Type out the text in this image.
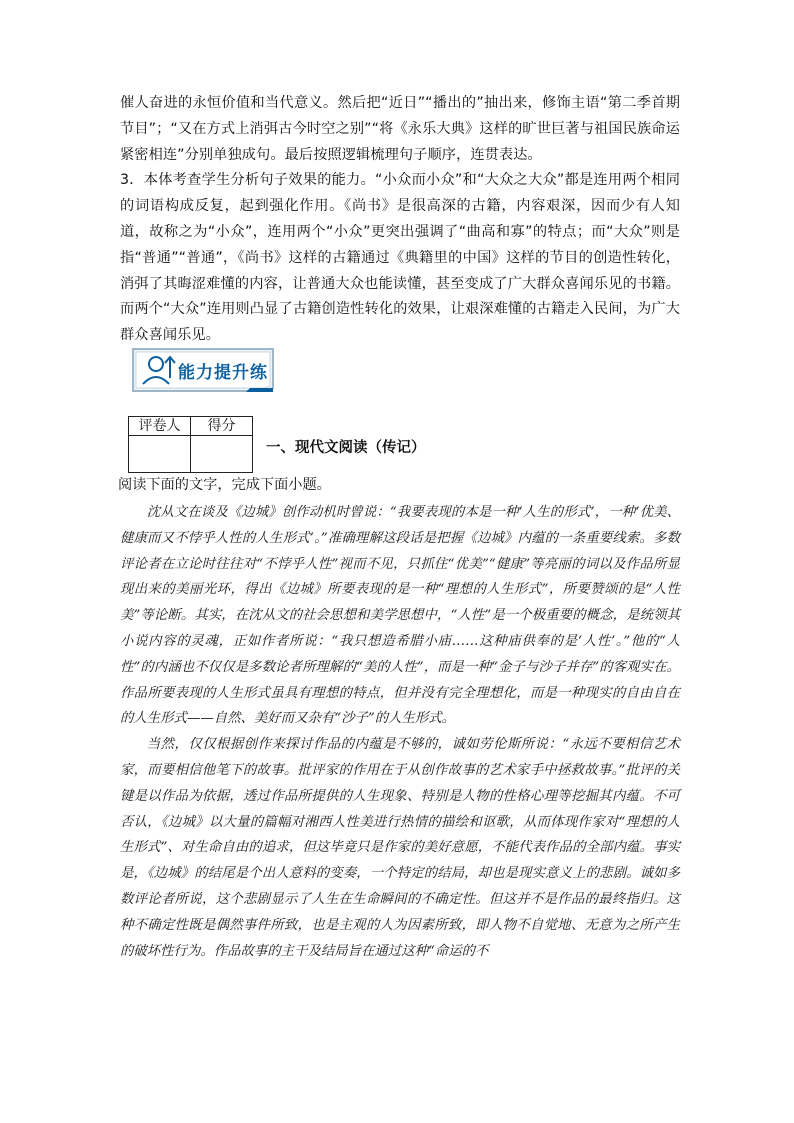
催人奋进的永恒价值和当代意义。然后把“近日”“播出的”抽出来，修饰主语“第二季首期节目”；“又在方式上消弭古今时空之别”“将《永乐大典》这样的旷世巨著与祖国民族命运紧密相连”分别单独成句。最后按照逻辑梳理句子顺序，连贯表达。

3．本体考查学生分析句子效果的能力。“小众而小众”和“大众之大众”都是连用两个相同的词语构成反复，起到强化作用。《尚书》是很高深的古籍，内容艰深，因而少有人知道，故称之为“小众”，连用两个“小众”更突出强调了“曲高和寡”的特点；而“大众”则是指“普通”“普通”，《尚书》这样的古籍通过《典籍里的中国》这样的节目的创造性转化，消弭了其晦涩难懂的内容，让普通大众也能读懂，甚至变成了广大群众喜闻乐见的书籍。而两个“大众”连用则凸显了古籍创造性转化的效果，让艰深难懂的古籍走入民间，为广大群众喜闻乐见。

能力提升练
评卷人	得分

一、现代文阅读（传记）
阅读下面的文字，完成下面小题。

沈从文在谈及《边城》创作动机时曾说：“我要表现的本是一种‘人生的形式’，一种‘优美、健康而又不悖乎人性的人生形式’。”准确理解这段话是把握《边城》内蕴的一条重要线索。多数评论者在立论时往往对“不悖乎人性”视而不见，只抓住“优美”“健康”等亮丽的词以及作品所显现出来的美丽光环，得出《边城》所要表现的是一种“理想的人生形式”，所要赞颂的是“人性美”等论断。其实，在沈从文的社会思想和美学思想中，“人性”是一个极重要的概念，是统领其小说内容的灵魂，正如作者所说：“我只想造希腊小庙……这种庙供奉的是‘人性’。”他的“人性”的内涵也不仅仅是多数论者所理解的“美的人性”，而是一种“金子与沙子并存”的客观实在。作品所要表现的人生形式虽具有理想的特点，但并没有完全理想化，而是一种现实的自由自在的人生形式——自然、美好而又杂有“沙子”的人生形式。

当然，仅仅根据创作来探讨作品的内蕴是不够的，诚如劳伦斯所说：“永远不要相信艺术家，而要相信他笔下的故事。批评家的作用在于从创作故事的艺术家手中拯救故事。”批评的关键是以作品为依据，透过作品所提供的人生现象、特别是人物的性格心理等挖掘其内蕴。不可否认，《边城》以大量的篇幅对湘西人性美进行热情的描绘和讴歌，从而体现作家对“理想的人生形式”、对生命自由的追求，但这毕竟只是作家的美好意愿，不能代表作品的全部内蕴。事实是，《边城》的结尾是个出人意料的变奏，一个特定的结局，却也是现实意义上的悲剧。诚如多数评论者所说，这个悲剧显示了人生在生命瞬间的不确定性。但这并不是作品的最终指归。这种不确定性既是偶然事件所致，也是主观的人为因素所致，即人物不自觉地、无意为之所产生的破坏性行为。作品故事的主干及结局旨在通过这种“命运的不
